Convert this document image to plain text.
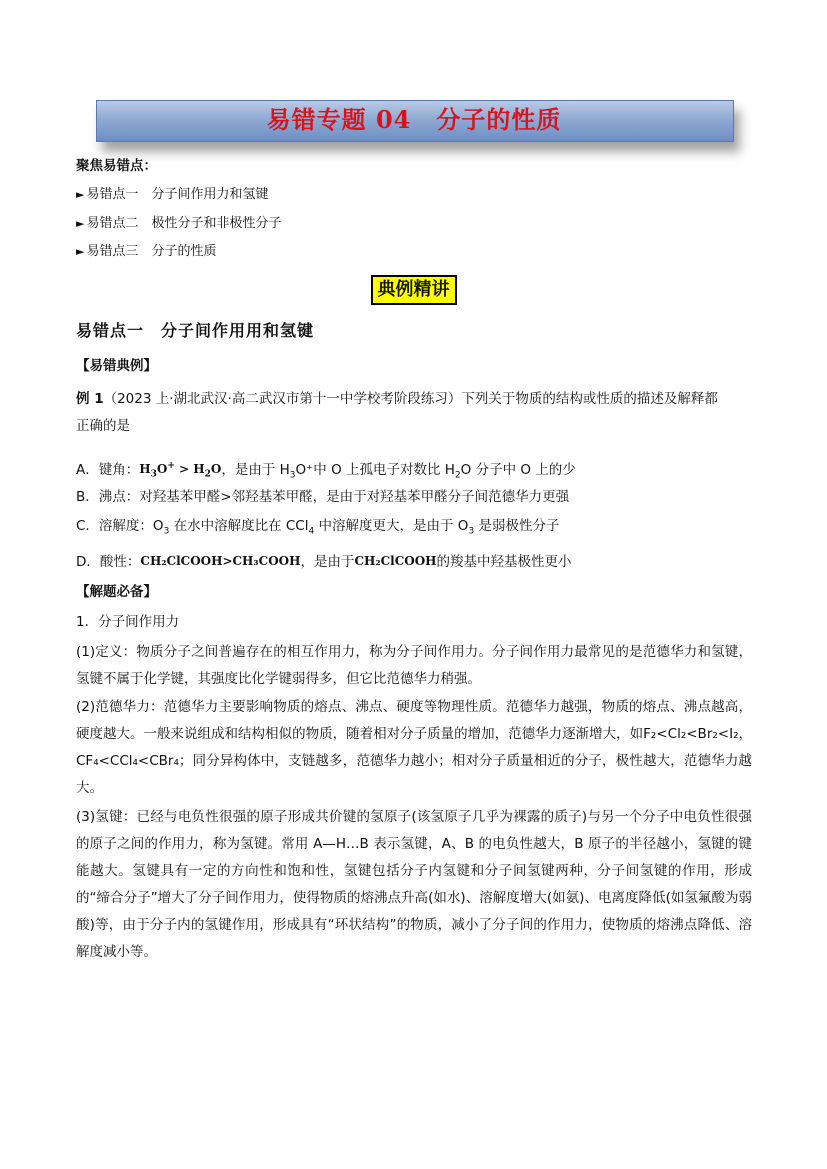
易错专题 04　分子的性质
聚焦易错点：
► 易错点一　分子间作用力和氢键
► 易错点二　极性分子和非极性分子
► 易错点三　分子的性质
典例精讲
易错点一　分子间作用用和氢键
【易错典例】
例 1（2023 上·湖北武汉·高二武汉市第十一中学校考阶段练习）下列关于物质的结构或性质的描述及解释都
正确的是
A．键角：$H_3O^+ > H_2O$，是由于 $H_3O^+$中 O 上孤电子对数比 $H_2O$ 分子中 O 上的少
B．沸点：对羟基苯甲醛>邻羟基苯甲醛，是由于对羟基苯甲醛分子间范德华力更强
C．溶解度：$O_3$ 在水中溶解度比在 CCl$_4$ 中溶解度更大，是由于 $O_3$ 是弱极性分子
D．酸性：CH₂ClCOOH>CH₃COOH，是由于CH₂ClCOOH的羧基中羟基极性更小
【解题必备】
1．分子间作用力
(1)定义：物质分子之间普遍存在的相互作用力，称为分子间作用力。分子间作用力最常见的是范德华力和氢键，氢键不属于化学键，其强度比化学键弱得多，但它比范德华力稍强。
(2)范德华力：范德华力主要影响物质的熔点、沸点、硬度等物理性质。范德华力越强，物质的熔点、沸点越高，硬度越大。一般来说组成和结构相似的物质，随着相对分子质量的增加，范德华力逐渐增大，如F₂<Cl₂<Br₂<I₂，CF₄<CCl₄<CBr₄；同分异构体中，支链越多，范德华力越小；相对分子质量相近的分子，极性越大，范德华力越大。
(3)氢键：已经与电负性很强的原子形成共价键的氢原子(该氢原子几乎为裸露的质子)与另一个分子中电负性很强的原子之间的作用力，称为氢键。常用 A—H…B 表示氢键，A、B 的电负性越大，B 原子的半径越小，氢键的键能越大。氢键具有一定的方向性和饱和性，氢键包括分子内氢键和分子间氢键两种，分子间氢键的作用，形成的“缔合分子”增大了分子间作用力，使得物质的熔沸点升高(如水)、溶解度增大(如氨)、电离度降低(如氢氟酸为弱酸)等，由于分子内的氢键作用，形成具有“环状结构”的物质，减小了分子间的作用力，使物质的熔沸点降低、溶解度减小等。
